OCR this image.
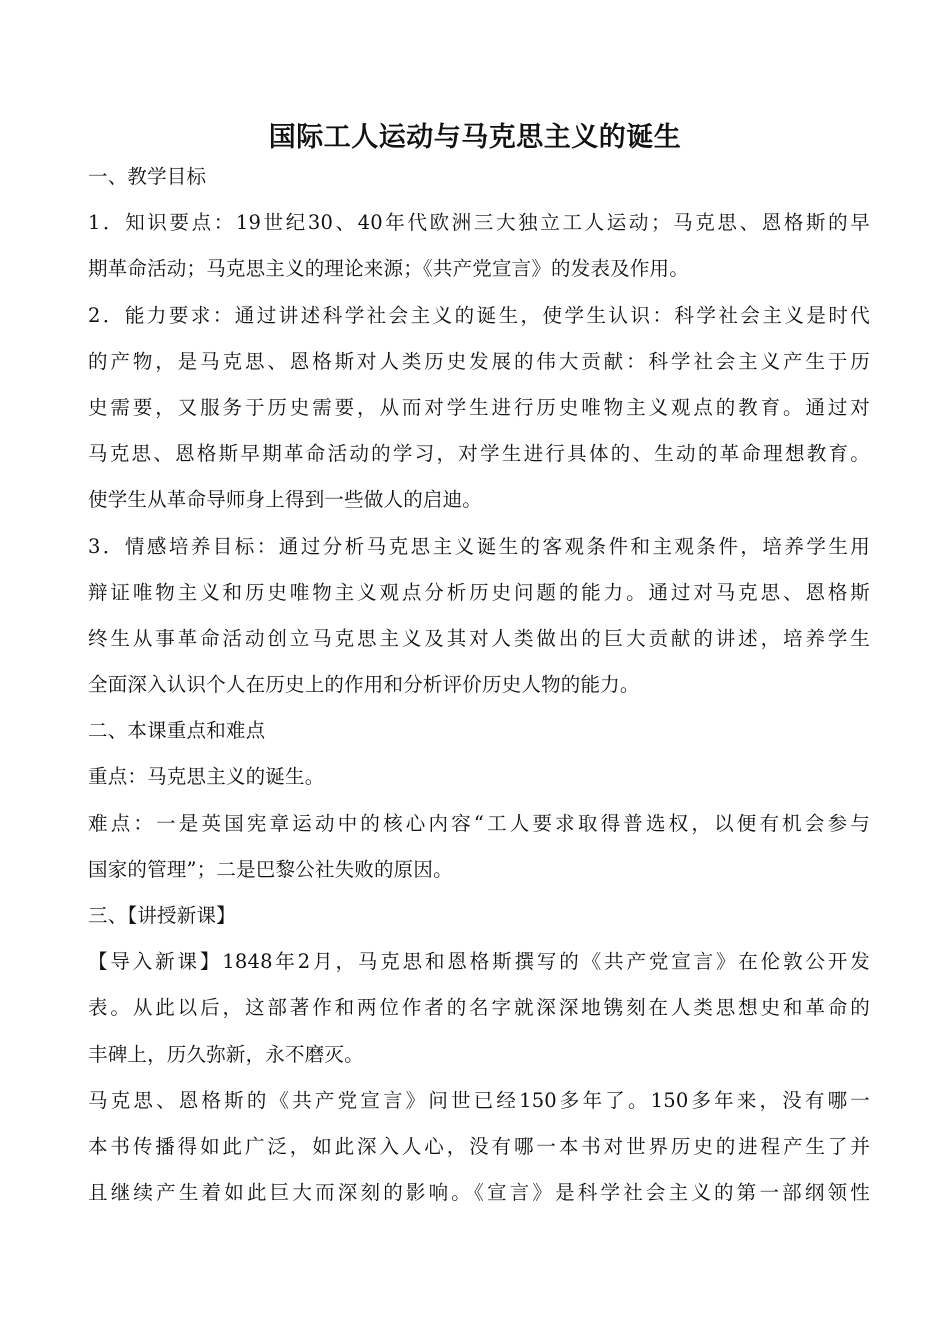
国际工人运动与马克思主义的诞生
一、教学目标
1．知识要点：19世纪30、40年代欧洲三大独立工人运动；马克思、恩格斯的早
期革命活动；马克思主义的理论来源；《共产党宣言》的发表及作用。
2．能力要求：通过讲述科学社会主义的诞生，使学生认识：科学社会主义是时代
的产物，是马克思、恩格斯对人类历史发展的伟大贡献：科学社会主义产生于历
史需要，又服务于历史需要，从而对学生进行历史唯物主义观点的教育。通过对
马克思、恩格斯早期革命活动的学习，对学生进行具体的、生动的革命理想教育。
使学生从革命导师身上得到一些做人的启迪。
3．情感培养目标：通过分析马克思主义诞生的客观条件和主观条件，培养学生用
辩证唯物主义和历史唯物主义观点分析历史问题的能力。通过对马克思、恩格斯
终生从事革命活动创立马克思主义及其对人类做出的巨大贡献的讲述，培养学生
全面深入认识个人在历史上的作用和分析评价历史人物的能力。
二、本课重点和难点
重点：马克思主义的诞生。
难点：一是英国宪章运动中的核心内容“工人要求取得普选权，以便有机会参与
国家的管理”；二是巴黎公社失败的原因。
三、【讲授新课】
【导入新课】1848年2月，马克思和恩格斯撰写的《共产党宣言》在伦敦公开发
表。从此以后，这部著作和两位作者的名字就深深地镌刻在人类思想史和革命的
丰碑上，历久弥新，永不磨灭。
马克思、恩格斯的《共产党宣言》问世已经150多年了。150多年来，没有哪一
本书传播得如此广泛，如此深入人心，没有哪一本书对世界历史的进程产生了并
且继续产生着如此巨大而深刻的影响。《宣言》是科学社会主义的第一部纲领性
